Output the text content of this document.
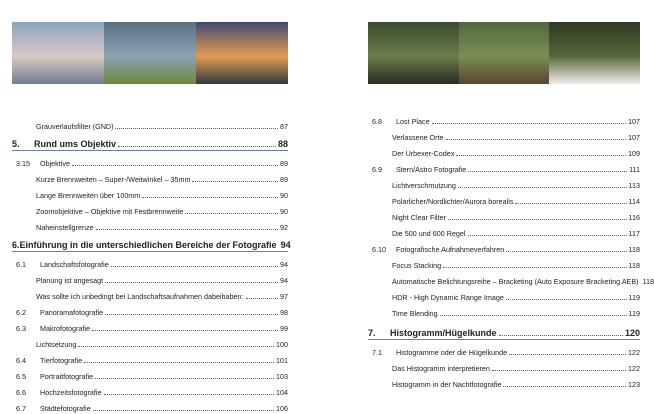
Grauverlaufsfilter (GND)	87
5.	Rund ums Objektiv	88
3.15	Objektive	89
Kurze Brennweiten – Super-/Weitwinkel – 35mm	89
Lange Brennweiten über 100mm	90
Zoomobjektive – Objektive mit Festbrennweite	90
Naheinstellgrenze	92
6. Einführung in die unterschiedlichen Bereiche der Fotografie 94
6.1	Landschaftsfotografie	94
Planung ist angesagt	94
Was sollte ich unbedingt bei Landschaftsaufnahmen dabeihaben:	97
6.2	Panoramafotografie	98
6.3	Makrofotografie	99
Lichtsetzung	100
6.4	Tierfotografie	101
6.5	Portraitfotografie	103
6.6	Hochzeitsfotografie	104
6.7	Städtefotografie	106
6.8	Lost Place	107
Verlassene Orte	107
Der Urbexer-Codex	109
6.9	Stern/Astro Fotografie	111
Lichtverschmutzung	113
Polarlicher/Nordlichter/Aurora borealis	114
Night Clear Filter	116
Die 500 und 600 Regel	117
6.10	Fotografische Aufnahmeverfahren	118
Focus Stacking	118
Automatische Belichtungsreihe – Bracketing (Auto Exposure Bracketing AEB) 118
HDR - High Dynamic Range Image	119
Time Blending	119
7.	Histogramm/Hügelkunde	120
7.1	Histogramme oder die Hügelkunde	122
Das Histogramm interpretieren	122
Histogramm in der Nachtfotografie	123
